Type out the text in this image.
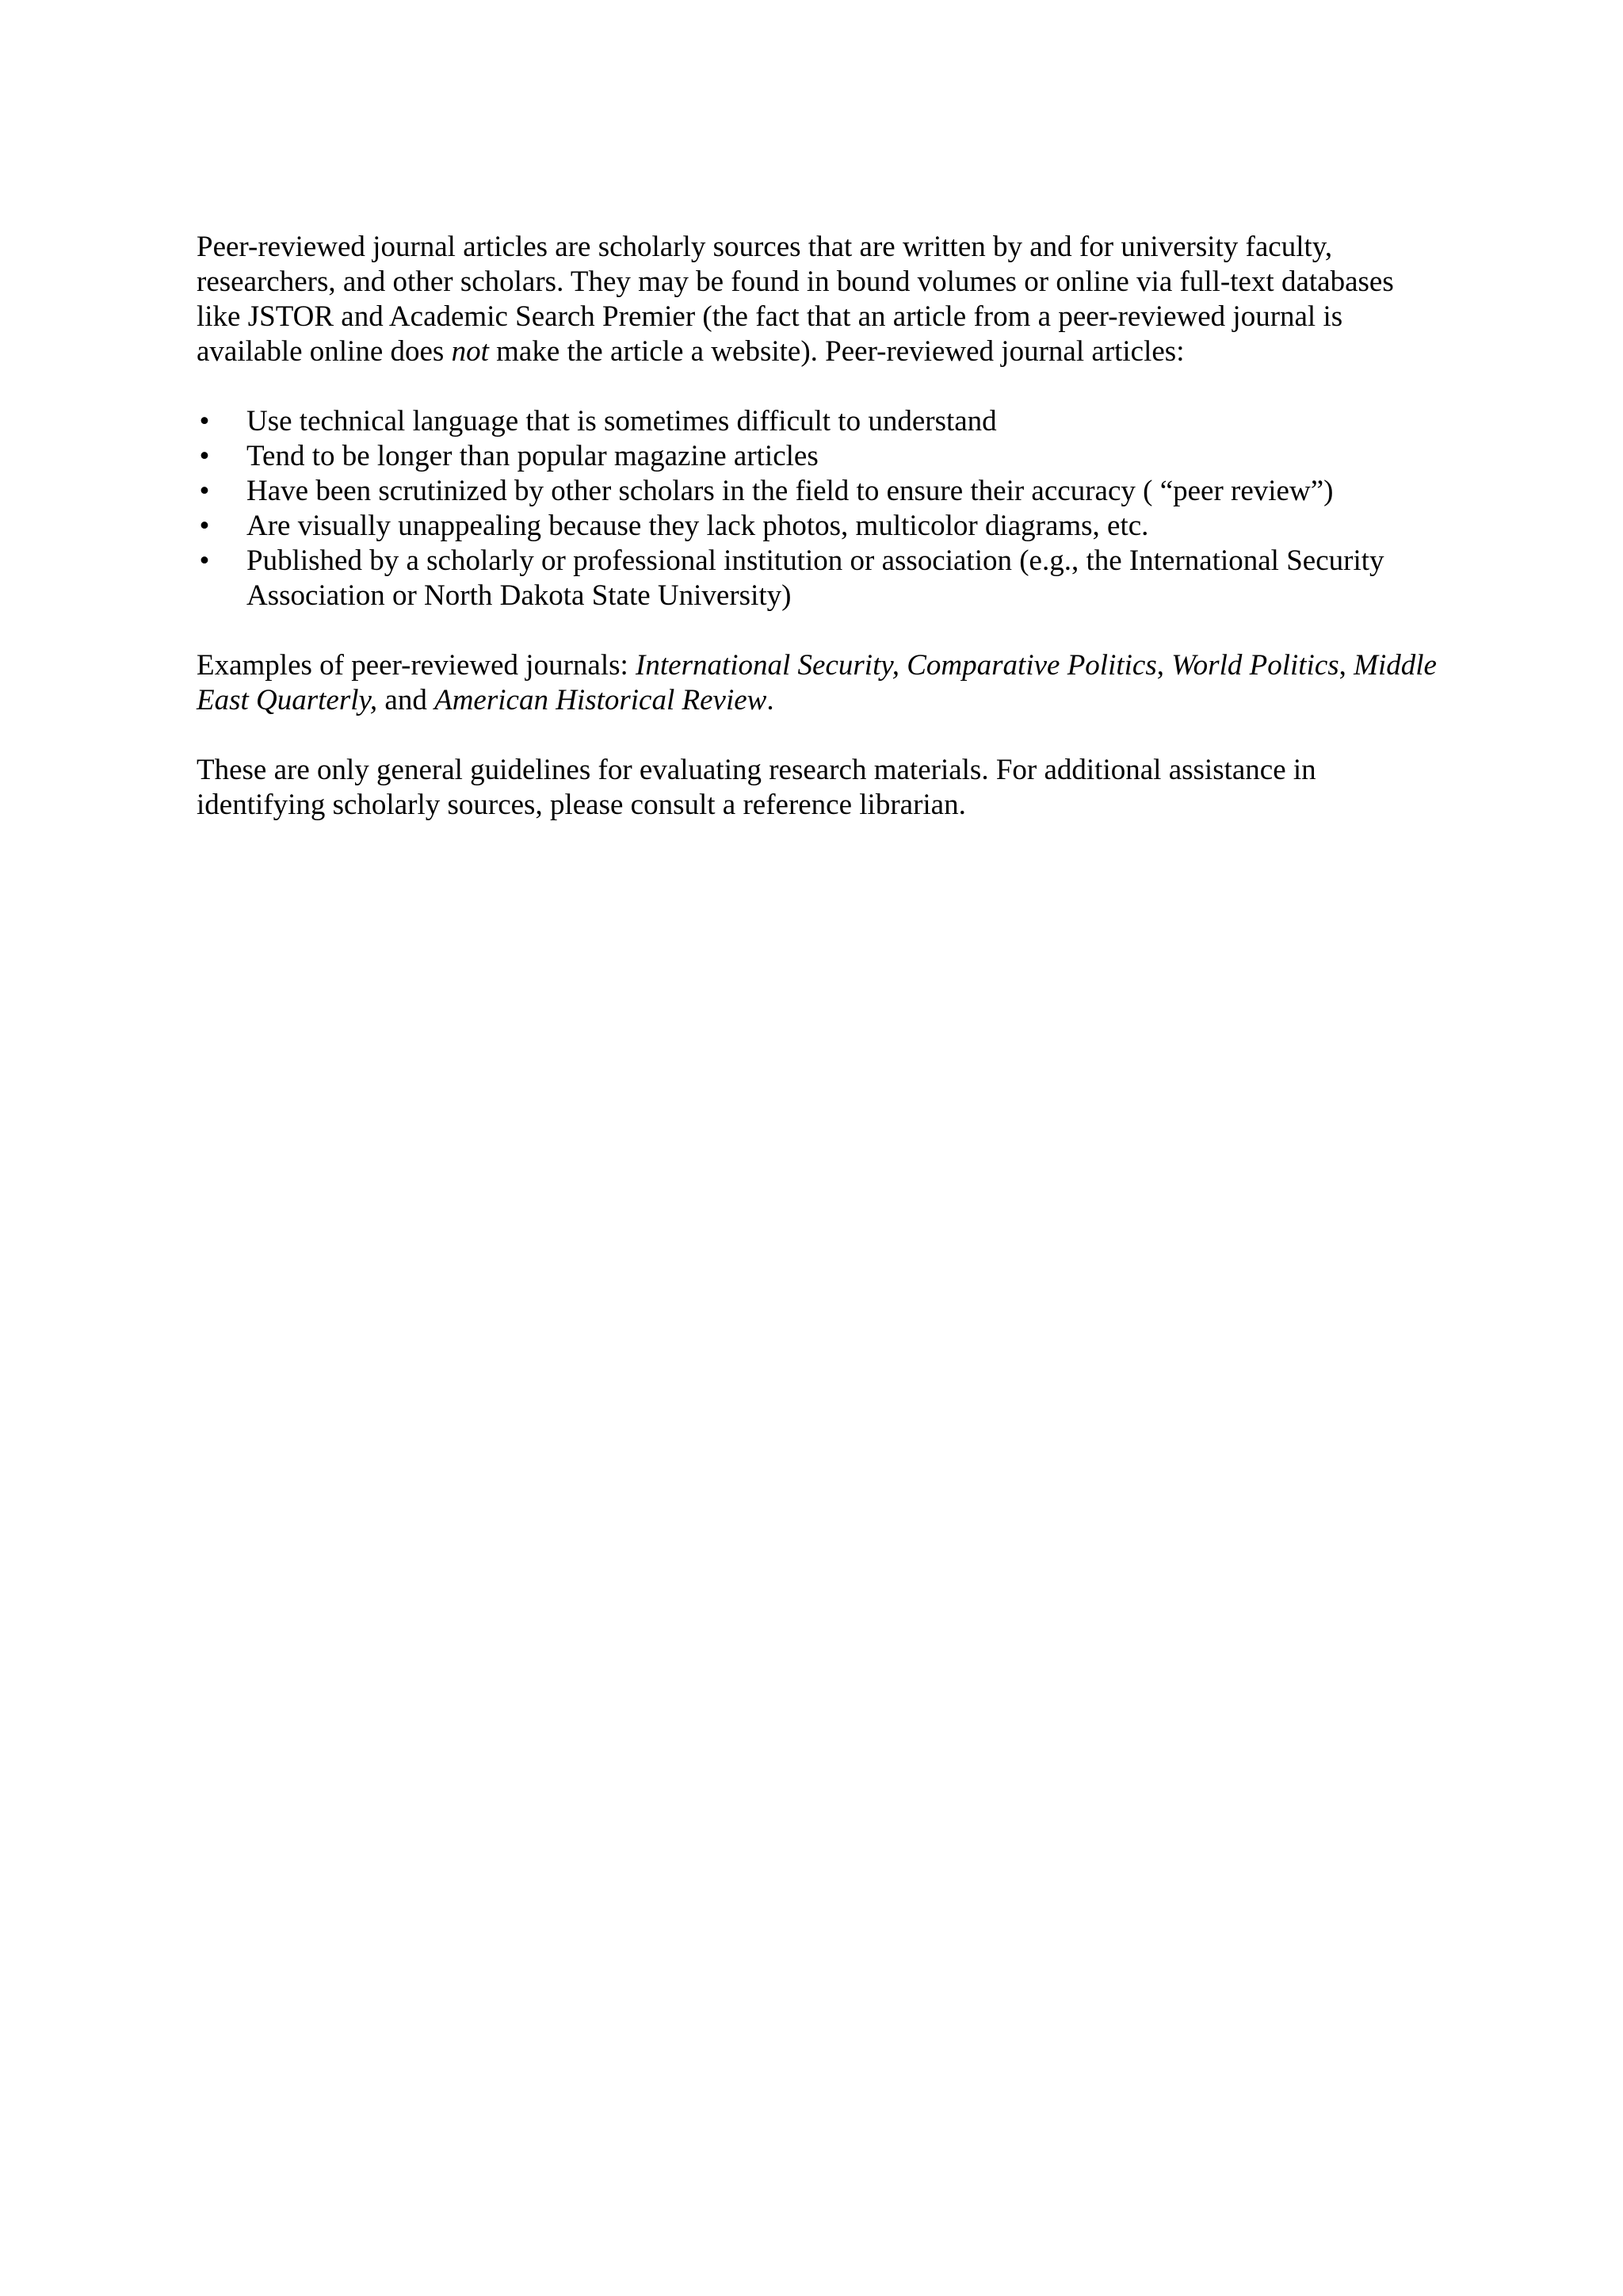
Peer-reviewed journal articles are scholarly sources that are written by and for university faculty, researchers, and other scholars. They may be found in bound volumes or online via full-text databases like JSTOR and Academic Search Premier (the fact that an article from a peer-reviewed journal is available online does not make the article a website). Peer-reviewed journal articles:

• Use technical language that is sometimes difficult to understand
• Tend to be longer than popular magazine articles
• Have been scrutinized by other scholars in the field to ensure their accuracy ( “peer review”)
• Are visually unappealing because they lack photos, multicolor diagrams, etc.
• Published by a scholarly or professional institution or association (e.g., the International Security Association or North Dakota State University)

Examples of peer-reviewed journals: International Security, Comparative Politics, World Politics, Middle East Quarterly, and American Historical Review.

These are only general guidelines for evaluating research materials. For additional assistance in identifying scholarly sources, please consult a reference librarian.
